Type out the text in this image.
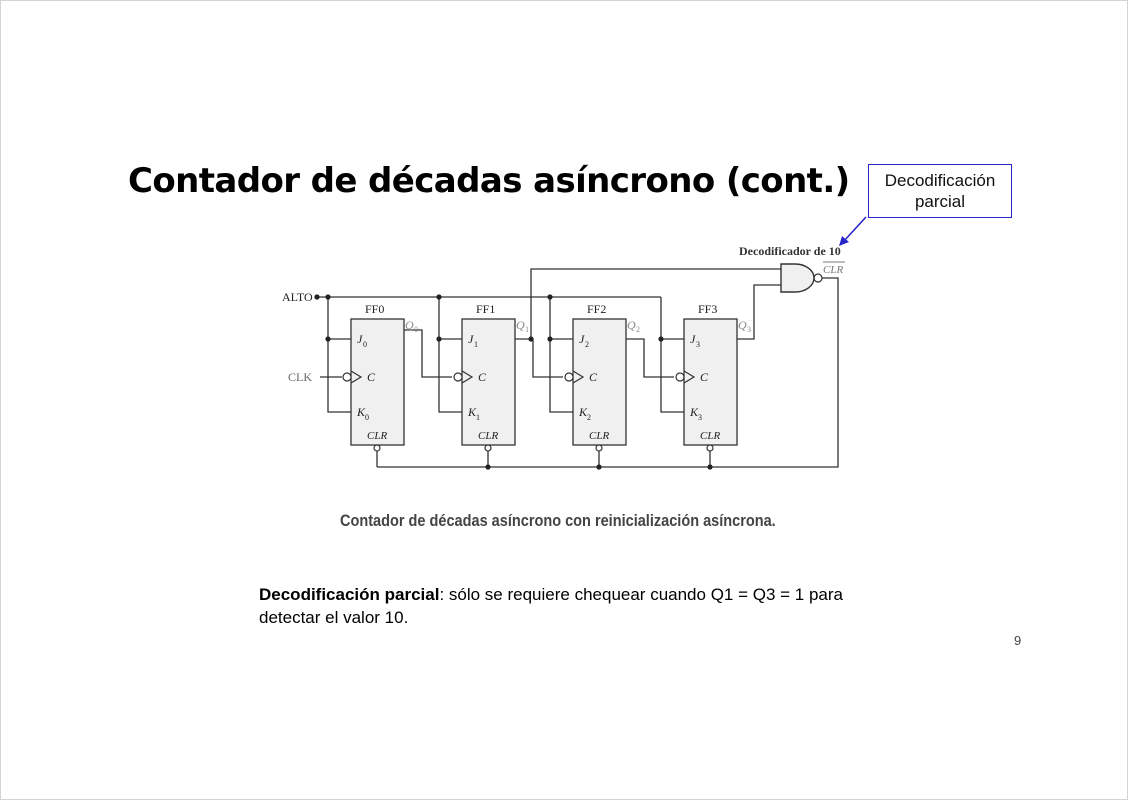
Contador de décadas asíncrono (cont.)	Decodificación
parcial
Decodificador de 10
CLR
ALTO
CLK
FF0
J 0
C
K 0
CLR
Q 0
FF1
J 1
C
K 1
CLR
Q 1
FF2
J 2
C
K 2
CLR
Q 2
FF3
J 3
C
K 3
CLR
Q 3

Contador de décadas asíncrono con reinicialización asíncrona.

Decodificación parcial: sólo se requiere chequear cuando Q1 = Q3 = 1 para detectar el valor 10.

9
